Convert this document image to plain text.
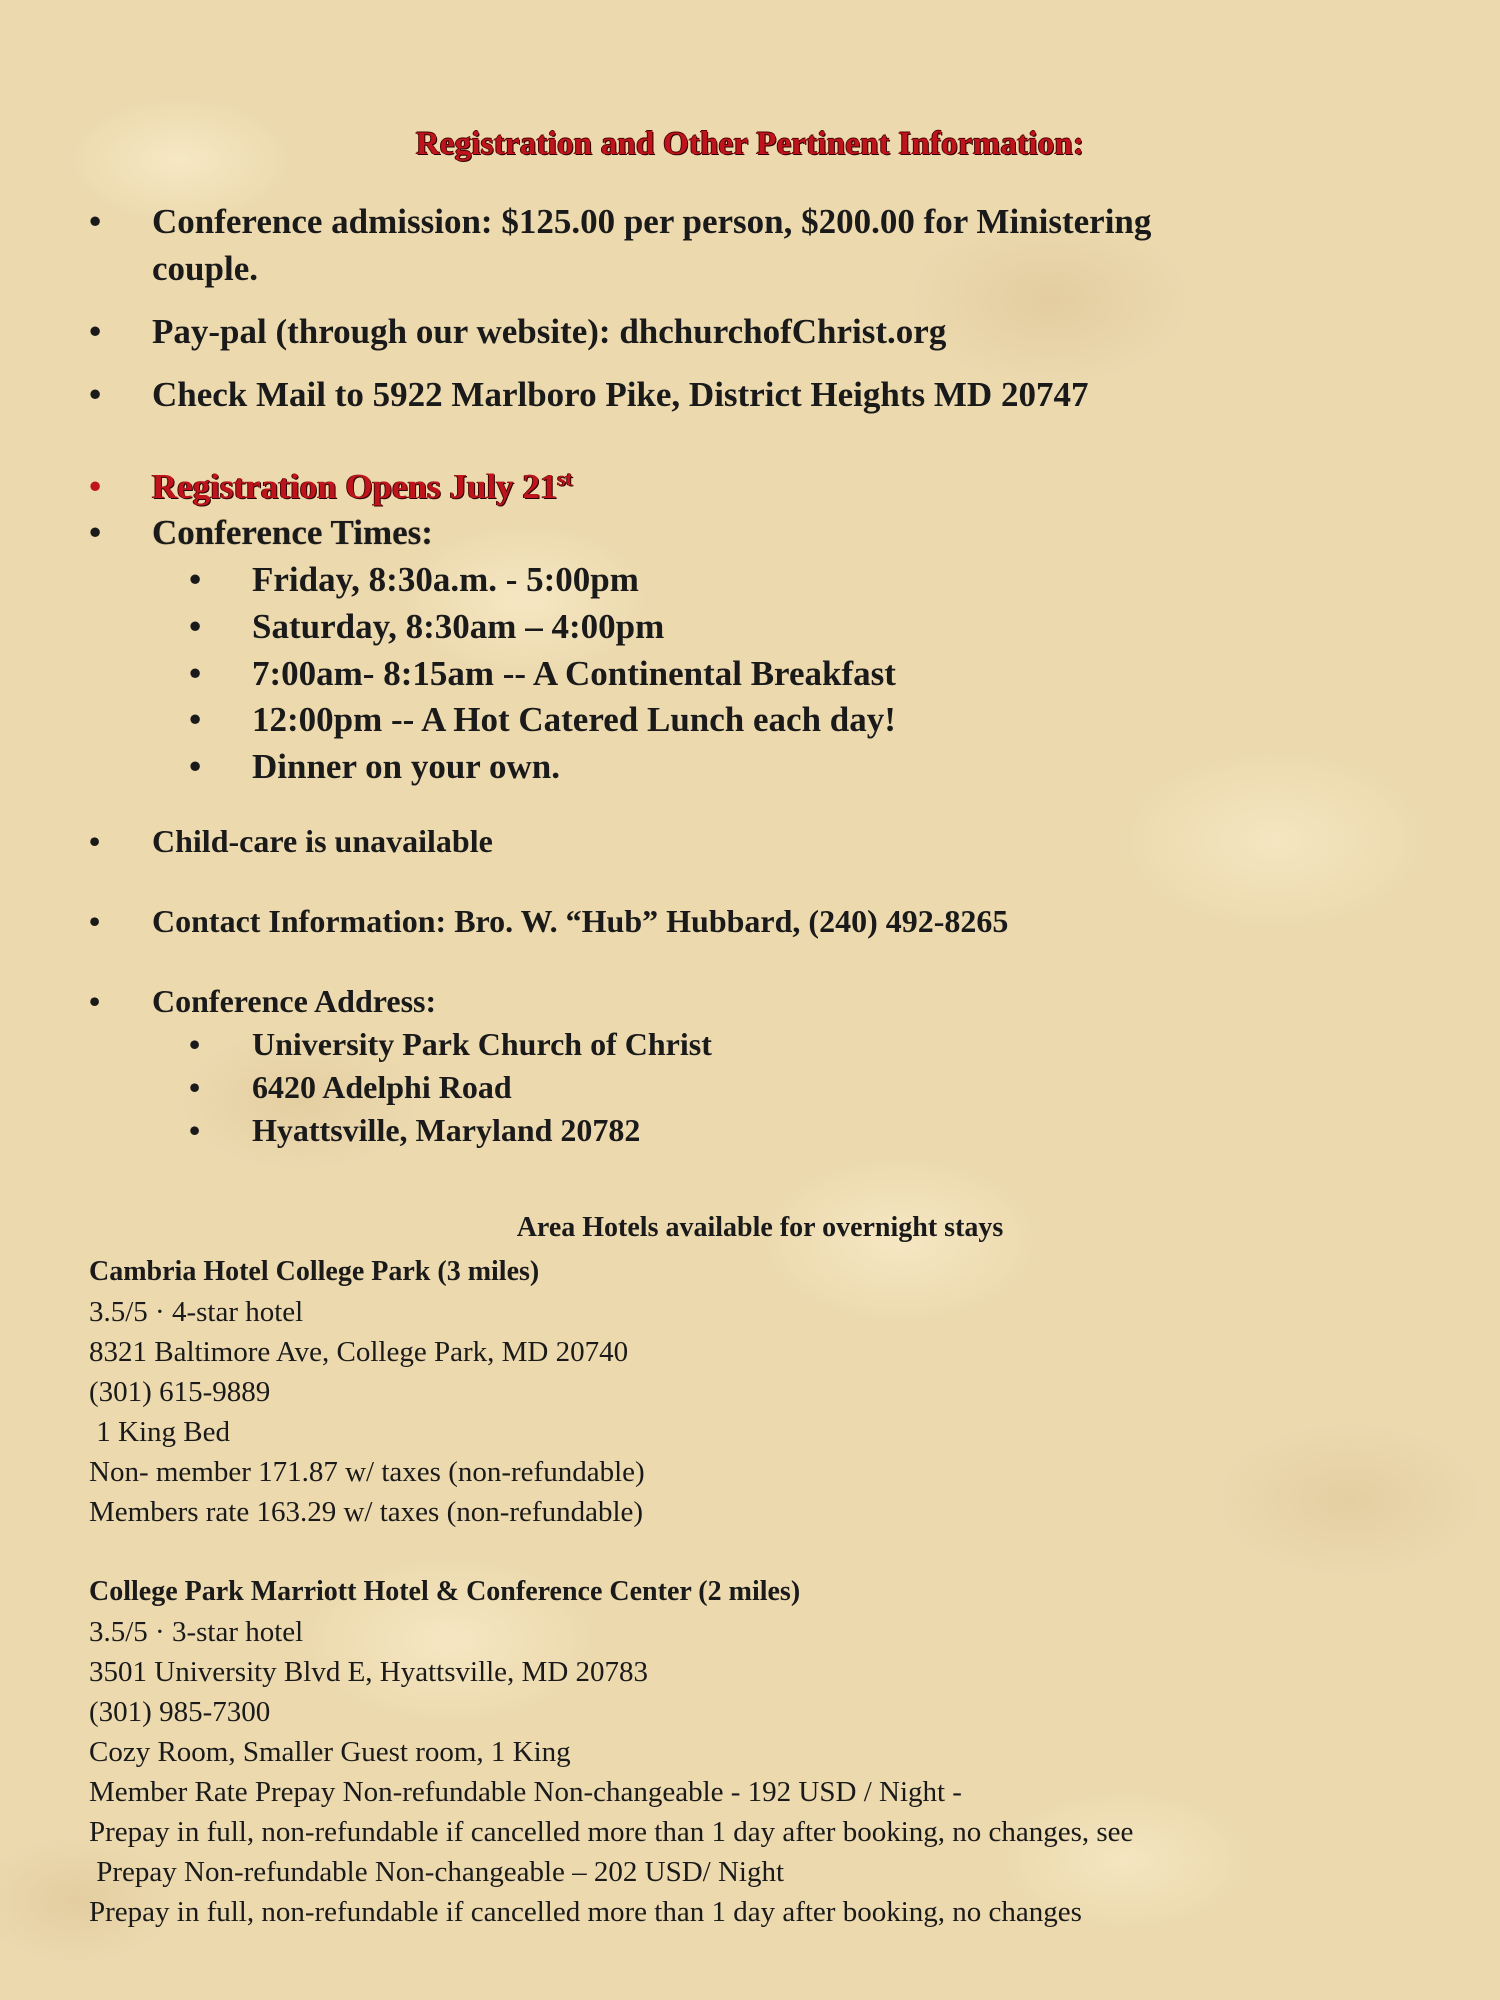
Registration and Other Pertinent Information:
•	Conference admission: $125.00 per person, $200.00 for Ministering
couple.
•	Pay-pal (through our website): dhchurchofChrist.org
•	Check Mail to 5922 Marlboro Pike, District Heights MD 20747
•	Registration Opens July 21st
•	Conference Times:
•	Friday, 8:30a.m. - 5:00pm
•	Saturday, 8:30am – 4:00pm
•	7:00am- 8:15am -- A Continental Breakfast
•	12:00pm -- A Hot Catered Lunch each day!
•	Dinner on your own.
•	Child-care is unavailable
•	Contact Information: Bro. W. “Hub” Hubbard, (240) 492-8265
•	Conference Address:
•	University Park Church of Christ
•	6420 Adelphi Road
•	Hyattsville, Maryland 20782
Area Hotels available for overnight stays
Cambria Hotel College Park (3 miles)
3.5/5 · 4-star hotel
8321 Baltimore Ave, College Park, MD 20740
(301) 615-9889
1 King Bed
Non- member 171.87 w/ taxes (non-refundable)
Members rate 163.29 w/ taxes (non-refundable)
College Park Marriott Hotel & Conference Center (2 miles)
3.5/5 · 3-star hotel
3501 University Blvd E, Hyattsville, MD 20783
(301) 985-7300
Cozy Room, Smaller Guest room, 1 King
Member Rate Prepay Non-refundable Non-changeable - 192 USD / Night -
Prepay in full, non-refundable if cancelled more than 1 day after booking, no changes, see
Prepay Non-refundable Non-changeable – 202 USD/ Night
Prepay in full, non-refundable if cancelled more than 1 day after booking, no changes
